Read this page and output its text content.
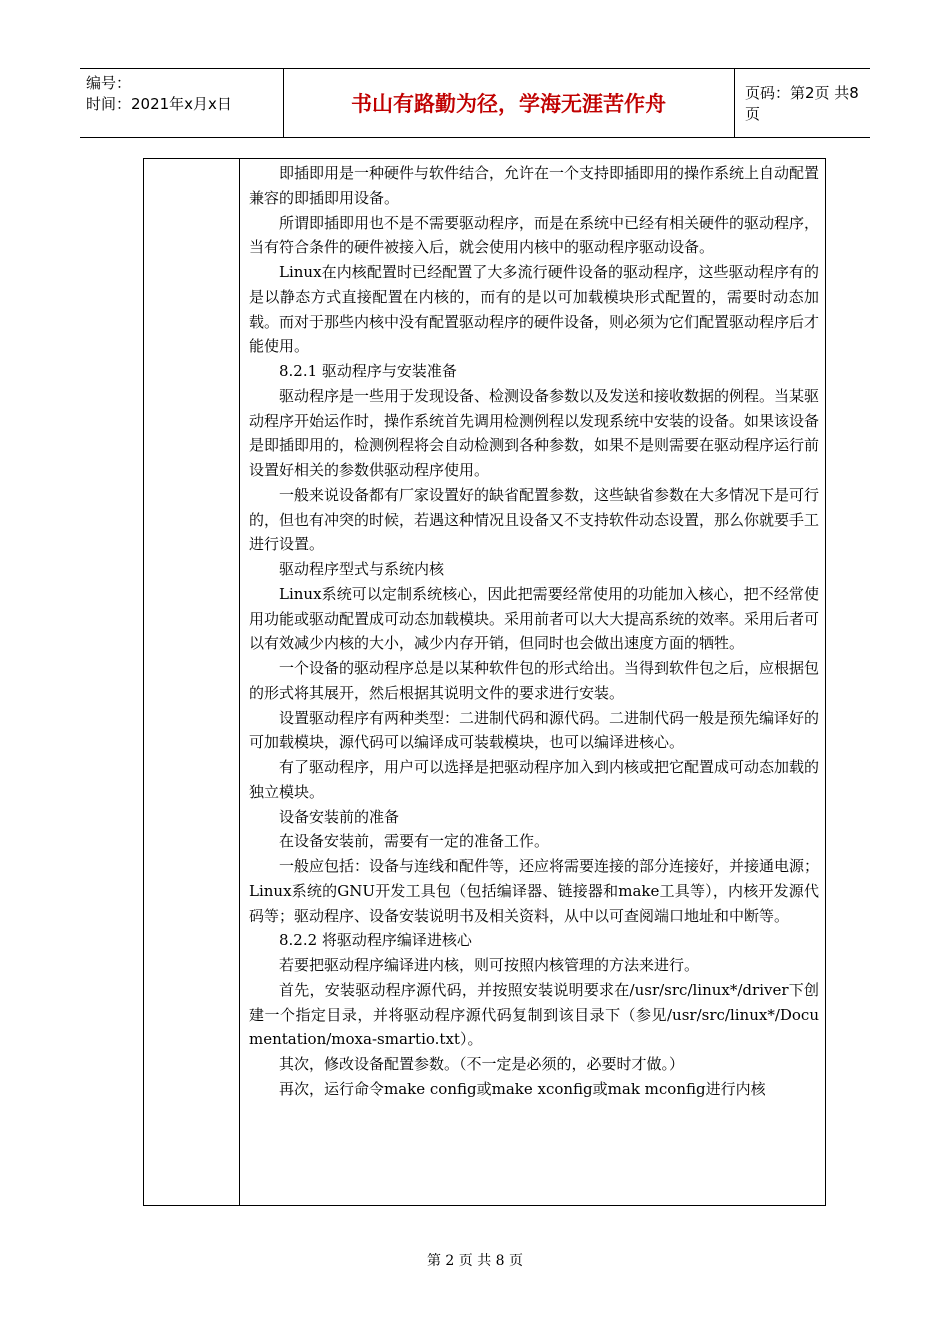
编号：
时间：2021年x月x日	书山有路勤为径，学海无涯苦作舟	页码：第2页 共8页

即插即用是一种硬件与软件结合，允许在一个支持即插即用的操作系统上自动配置兼容的即插即用设备。

所谓即插即用也不是不需要驱动程序，而是在系统中已经有相关硬件的驱动程序，当有符合条件的硬件被接入后，就会使用内核中的驱动程序驱动设备。

Linux在内核配置时已经配置了大多流行硬件设备的驱动程序，这些驱动程序有的是以静态方式直接配置在内核的，而有的是以可加载模块形式配置的，需要时动态加载。而对于那些内核中没有配置驱动程序的硬件设备，则必须为它们配置驱动程序后才能使用。

8.2.1 驱动程序与安装准备

驱动程序是一些用于发现设备、检测设备参数以及发送和接收数据的例程。当某驱动程序开始运作时，操作系统首先调用检测例程以发现系统中安装的设备。如果该设备是即插即用的，检测例程将会自动检测到各种参数，如果不是则需要在驱动程序运行前设置好相关的参数供驱动程序使用。

一般来说设备都有厂家设置好的缺省配置参数，这些缺省参数在大多情况下是可行的，但也有冲突的时候，若遇这种情况且设备又不支持软件动态设置，那么你就要手工进行设置。

驱动程序型式与系统内核

Linux系统可以定制系统核心，因此把需要经常使用的功能加入核心，把不经常使用功能或驱动配置成可动态加载模块。采用前者可以大大提高系统的效率。采用后者可以有效减少内核的大小，减少内存开销，但同时也会做出速度方面的牺牲。

一个设备的驱动程序总是以某种软件包的形式给出。当得到软件包之后，应根据包的形式将其展开，然后根据其说明文件的要求进行安装。

设置驱动程序有两种类型：二进制代码和源代码。二进制代码一般是预先编译好的可加载模块，源代码可以编译成可装载模块，也可以编译进核心。

有了驱动程序，用户可以选择是把驱动程序加入到内核或把它配置成可动态加载的独立模块。

设备安装前的准备

在设备安装前，需要有一定的准备工作。

一般应包括：设备与连线和配件等，还应将需要连接的部分连接好，并接通电源；Linux系统的GNU开发工具包（包括编译器、链接器和make工具等），内核开发源代码等；驱动程序、设备安装说明书及相关资料，从中以可查阅端口地址和中断等。

8.2.2 将驱动程序编译进核心

若要把驱动程序编译进内核，则可按照内核管理的方法来进行。

首先，安装驱动程序源代码，并按照安装说明要求在/usr/src/linux*/driver下创建一个指定目录，并将驱动程序源代码复制到该目录下（参见/usr/src/linux*/Documentation/moxa-smartio.txt）。

其次，修改设备配置参数。（不一定是必须的，必要时才做。）

再次，运行命令make config或make xconfig或mak mconfig进行内核

第 2 页 共 8 页
